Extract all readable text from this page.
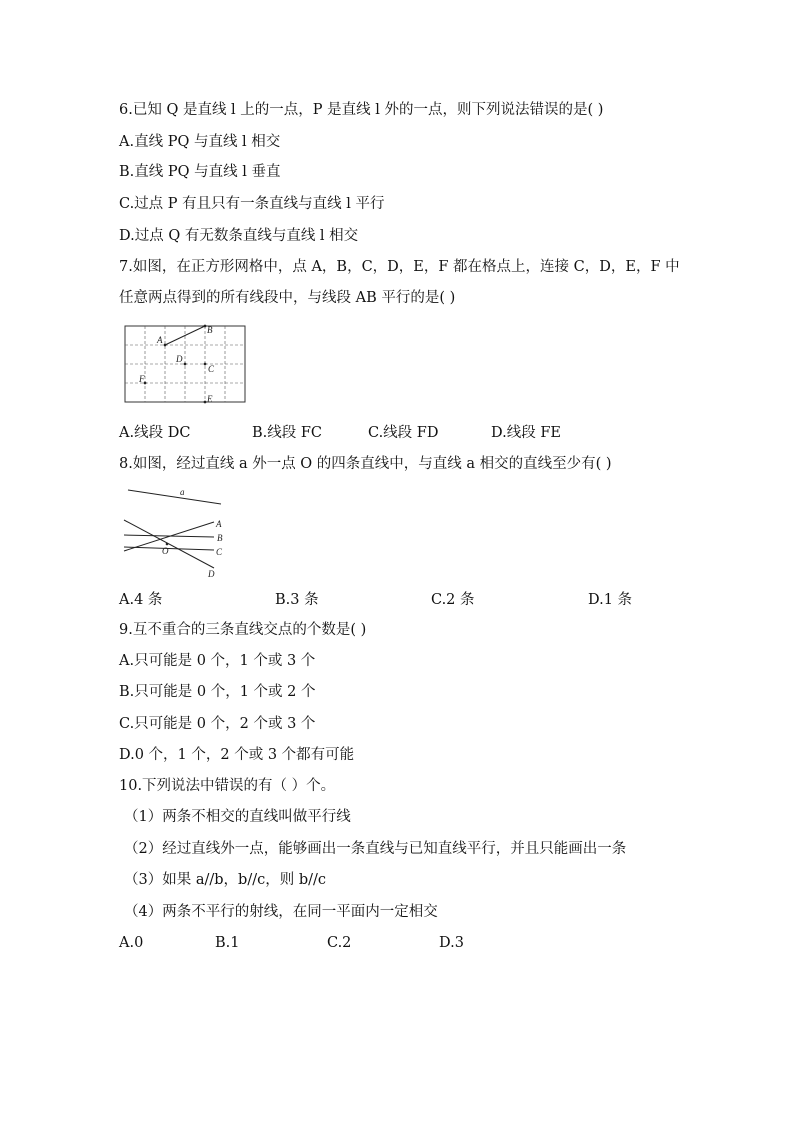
6.已知 Q 是直线 l 上的一点，P 是直线 l 外的一点，则下列说法错误的是( )
A.直线 PQ 与直线 l 相交
B.直线 PQ 与直线 l 垂直
C.过点 P 有且只有一条直线与直线 l 平行
D.过点 Q 有无数条直线与直线 l 相交
7.如图，在正方形网格中，点 A，B，C，D，E，F 都在格点上，连接 C，D，E，F 中
任意两点得到的所有线段中，与线段 AB 平行的是( )
A
B
C
D
E
F
A.线段 DC	B.线段 FC	C.线段 FD	D.线段 FE
8.如图，经过直线 a 外一点 O 的四条直线中，与直线 a 相交的直线至少有( )
a
O
A
B
C
D
A.4 条	B.3 条	C.2 条	D.1 条
9.互不重合的三条直线交点的个数是( )
A.只可能是 0 个，1 个或 3 个
B.只可能是 0 个，1 个或 2 个
C.只可能是 0 个，2 个或 3 个
D.0 个，1 个，2 个或 3 个都有可能
10.下列说法中错误的有（ ）个。
（1）两条不相交的直线叫做平行线
（2）经过直线外一点，能够画出一条直线与已知直线平行，并且只能画出一条
（3）如果 a//b，b//c，则 b//c
（4）两条不平行的射线，在同一平面内一定相交
A.0	B.1	C.2	D.3
